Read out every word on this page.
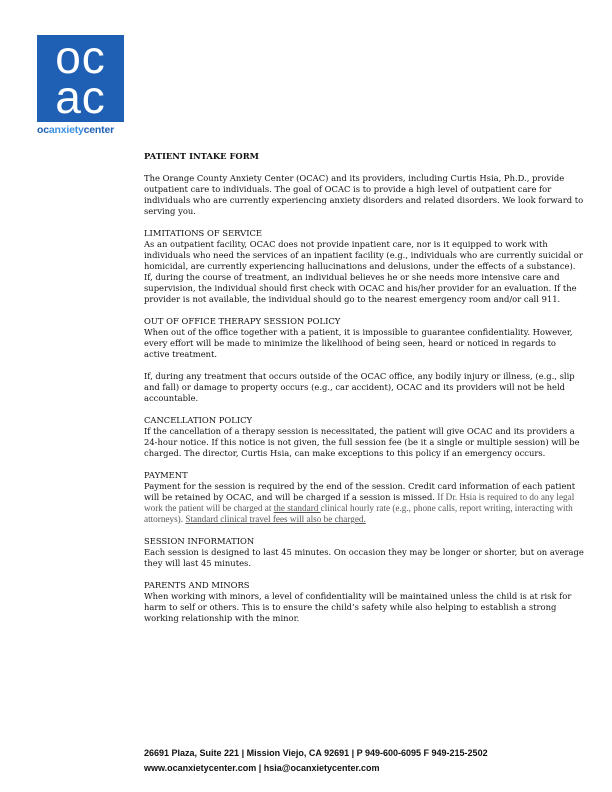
oc
ac
ocanxietycenter

PATIENT INTAKE FORM

The Orange County Anxiety Center (OCAC) and its providers, including Curtis Hsia, Ph.D., provide outpatient care to individuals. The goal of OCAC is to provide a high level of outpatient care for individuals who are currently experiencing anxiety disorders and related disorders. We look forward to serving you.

LIMITATIONS OF SERVICE

As an outpatient facility, OCAC does not provide inpatient care, nor is it equipped to work with individuals who need the services of an inpatient facility (e.g., individuals who are currently suicidal or homicidal, are currently experiencing hallucinations and delusions, under the effects of a substance). If, during the course of treatment, an individual believes he or she needs more intensive care and supervision, the individual should first check with OCAC and his/her provider for an evaluation. If the provider is not available, the individual should go to the nearest emergency room and/or call 911.

OUT OF OFFICE THERAPY SESSION POLICY

When out of the office together with a patient, it is impossible to guarantee confidentiality. However, every effort will be made to minimize the likelihood of being seen, heard or noticed in regards to active treatment.

If, during any treatment that occurs outside of the OCAC office, any bodily injury or illness, (e.g., slip and fall) or damage to property occurs (e.g., car accident), OCAC and its providers will not be held accountable.

CANCELLATION POLICY

If the cancellation of a therapy session is necessitated, the patient will give OCAC and its providers a 24-hour notice. If this notice is not given, the full session fee (be it a single or multiple session) will be charged. The director, Curtis Hsia, can make exceptions to this policy if an emergency occurs.

PAYMENT

Payment for the session is required by the end of the session. Credit card information of each patient will be retained by OCAC, and will be charged if a session is missed. If Dr. Hsia is required to do any legal work the patient will be charged at the standard clinical hourly rate (e.g., phone calls, report writing, interacting with attorneys). Standard clinical travel fees will also be charged.

SESSION INFORMATION

Each session is designed to last 45 minutes. On occasion they may be longer or shorter, but on average they will last 45 minutes.

PARENTS AND MINORS

When working with minors, a level of confidentiality will be maintained unless the child is at risk for harm to self or others. This is to ensure the child’s safety while also helping to establish a strong working relationship with the minor.

26691 Plaza, Suite 221 | Mission Viejo, CA 92691 | P 949-600-6095 F 949-215-2502
www.ocanxietycenter.com | hsia@ocanxietycenter.com
